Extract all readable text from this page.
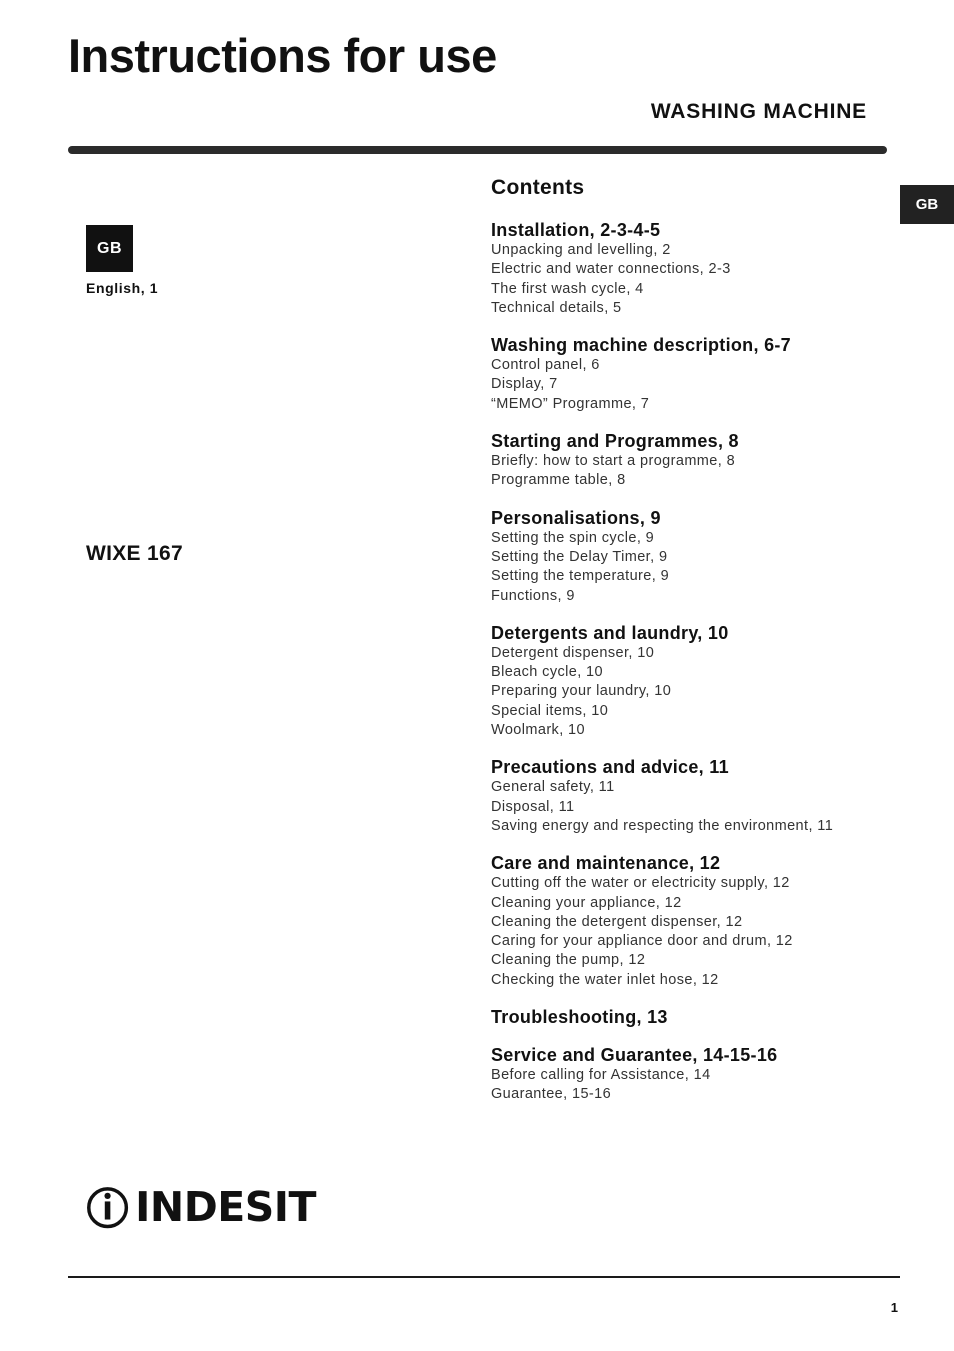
Instructions for use
WASHING MACHINE
GB
GB
English, 1
WIXE 167
Contents
Installation, 2-3-4-5
Unpacking and levelling, 2
Electric and water connections, 2-3
The first wash cycle, 4
Technical details, 5
Washing machine description, 6-7
Control panel, 6
Display, 7
“MEMO” Programme, 7
Starting and Programmes, 8
Briefly: how to start a programme, 8
Programme table, 8
Personalisations, 9
Setting the spin cycle, 9
Setting the Delay Timer, 9
Setting the temperature, 9
Functions, 9
Detergents and laundry, 10
Detergent dispenser, 10
Bleach cycle, 10
Preparing your laundry, 10
Special items, 10
Woolmark, 10
Precautions and advice, 11
General safety, 11
Disposal, 11
Saving energy and respecting the environment, 11
Care and maintenance, 12
Cutting off the water or electricity supply, 12
Cleaning your appliance, 12
Cleaning the detergent dispenser, 12
Caring for your appliance door and drum, 12
Cleaning the pump, 12
Checking the water inlet hose, 12
Troubleshooting, 13
Service and Guarantee, 14-15-16
Before calling for Assistance, 14
Guarantee, 15-16
INDESIT
1
